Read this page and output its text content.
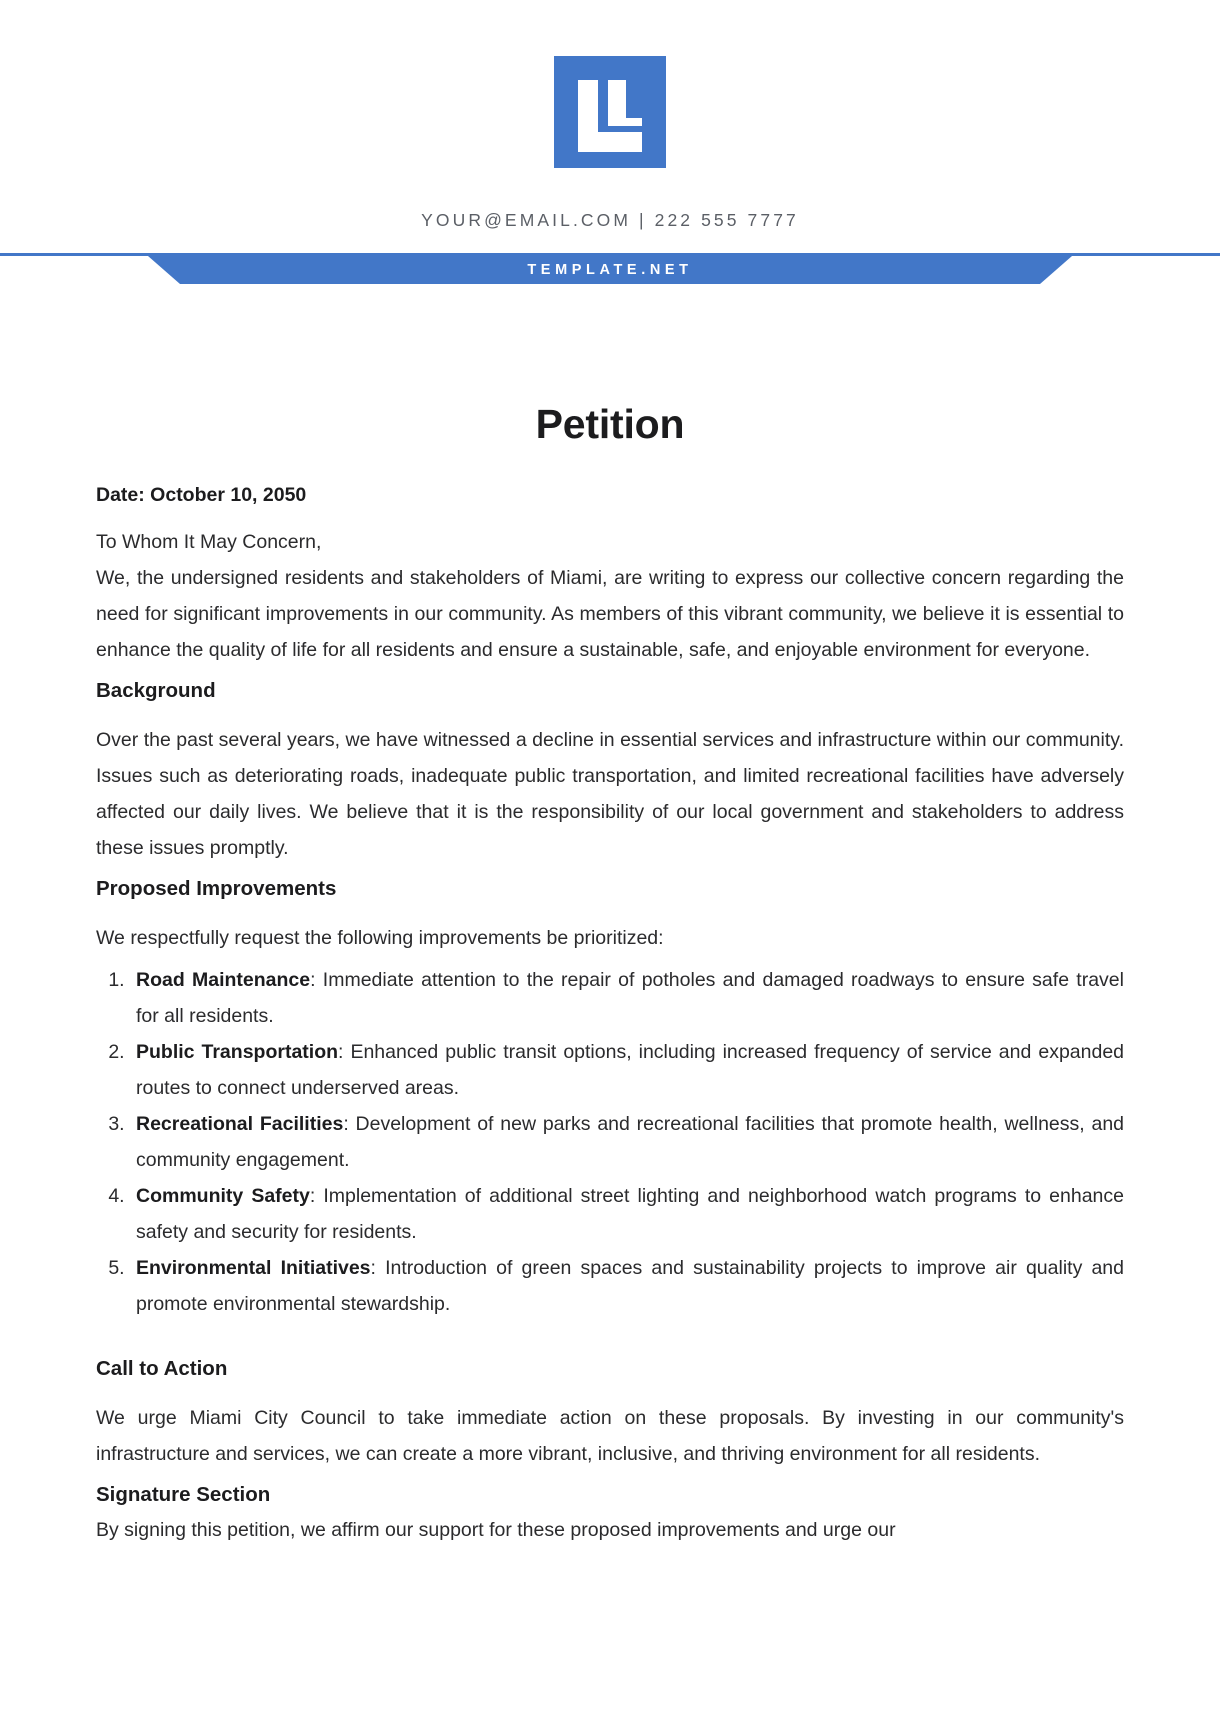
YOUR@EMAIL.COM | 222 555 7777
TEMPLATE.NET
Petition
Date: October 10, 2050

To Whom It May Concern,

We, the undersigned residents and stakeholders of Miami, are writing to express our collective concern regarding the need for significant improvements in our community. As members of this vibrant community, we believe it is essential to enhance the quality of life for all residents and ensure a sustainable, safe, and enjoyable environment for everyone.

Background

Over the past several years, we have witnessed a decline in essential services and infrastructure within our community. Issues such as deteriorating roads, inadequate public transportation, and limited recreational facilities have adversely affected our daily lives. We believe that it is the responsibility of our local government and stakeholders to address these issues promptly.

Proposed Improvements

We respectfully request the following improvements be prioritized:

1. Road Maintenance: Immediate attention to the repair of potholes and damaged roadways to ensure safe travel for all residents.
2. Public Transportation: Enhanced public transit options, including increased frequency of service and expanded routes to connect underserved areas.
3. Recreational Facilities: Development of new parks and recreational facilities that promote health, wellness, and community engagement.
4. Community Safety: Implementation of additional street lighting and neighborhood watch programs to enhance safety and security for residents.
5. Environmental Initiatives: Introduction of green spaces and sustainability projects to improve air quality and promote environmental stewardship.
Call to Action

We urge Miami City Council to take immediate action on these proposals. By investing in our community's infrastructure and services, we can create a more vibrant, inclusive, and thriving environment for all residents.

Signature Section

By signing this petition, we affirm our support for these proposed improvements and urge our
